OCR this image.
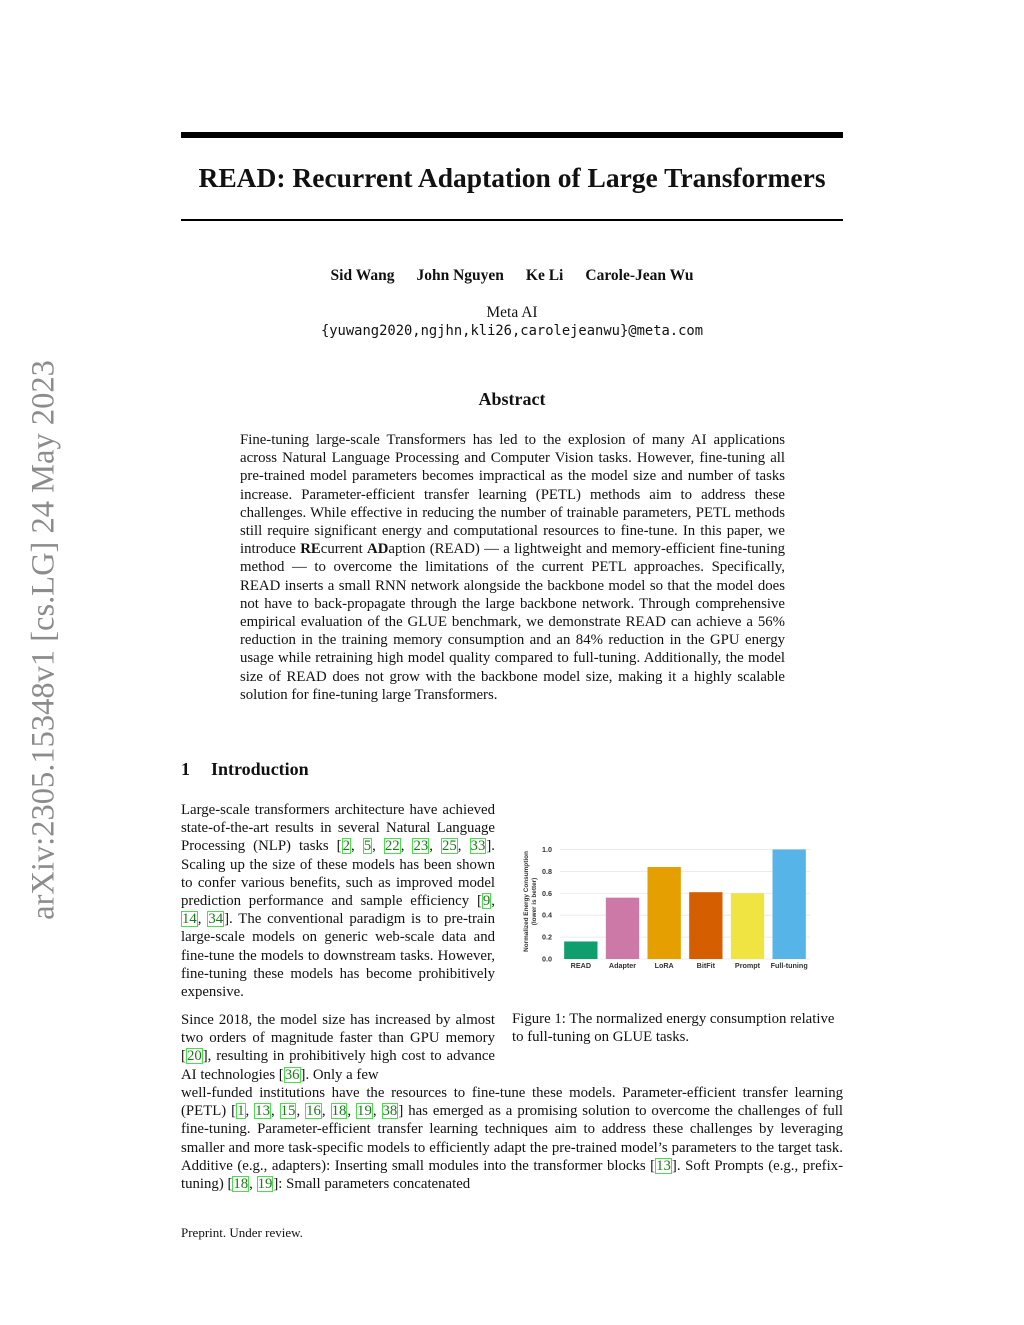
arXiv:2305.15348v1 [cs.LG] 24 May 2023
READ: Recurrent Adaptation of Large Transformers
Sid Wang John Nguyen Ke Li Carole-Jean Wu
Meta AI
{yuwang2020,ngjhn,kli26,carolejeanwu}@meta.com
Abstract
Fine-tuning large-scale Transformers has led to the explosion of many AI applications across Natural Language Processing and Computer Vision tasks. However, fine-tuning all pre-trained model parameters becomes impractical as the model size and number of tasks increase. Parameter-efficient transfer learning (PETL) methods aim to address these challenges. While effective in reducing the number of trainable parameters, PETL methods still require significant energy and computational resources to fine-tune. In this paper, we introduce REcurrent ADaption (READ) — a lightweight and memory-efficient fine-tuning method — to overcome the limitations of the current PETL approaches. Specifically, READ inserts a small RNN network alongside the backbone model so that the model does not have to back-propagate through the large backbone network. Through comprehensive empirical evaluation of the GLUE benchmark, we demonstrate READ can achieve a 56% reduction in the training memory consumption and an 84% reduction in the GPU energy usage while retraining high model quality compared to full-tuning. Additionally, the model size of READ does not grow with the backbone model size, making it a highly scalable solution for fine-tuning large Transformers.
1 Introduction
Large-scale transformers architecture have achieved state-of-the-art results in several Natural Language Processing (NLP) tasks [2, 5, 22, 23, 25, 33]. Scaling up the size of these models has been shown to confer various benefits, such as improved model prediction performance and sample efficiency [9, 14, 34]. The conventional paradigm is to pre-train large-scale models on generic web-scale data and fine-tune the models to downstream tasks. However, fine-tuning these models has become prohibitively expensive.
Since 2018, the model size has increased by almost two orders of magnitude faster than GPU memory [20], resulting in prohibitively high cost to advance AI technologies [36]. Only a few
well-funded institutions have the resources to fine-tune these models. Parameter-efficient transfer learning (PETL) [1, 13, 15, 16, 18, 19, 38] has emerged as a promising solution to overcome the challenges of full fine-tuning. Parameter-efficient transfer learning techniques aim to address these challenges by leveraging smaller and more task-specific models to efficiently adapt the pre-trained model’s parameters to the target task. Additive (e.g., adapters): Inserting small modules into the transformer blocks [13]. Soft Prompts (e.g., prefix-tuning) [18, 19]: Small parameters concatenated
0.0
0.2
0.4
0.6
0.8
1.0
Normalized Energy Consumption (lower is better)
READ Adapter	LoRA	BitFit	Prompt Full-tuning
Figure 1: The normalized energy consumption relative to full-tuning on GLUE tasks.
Preprint. Under review.
